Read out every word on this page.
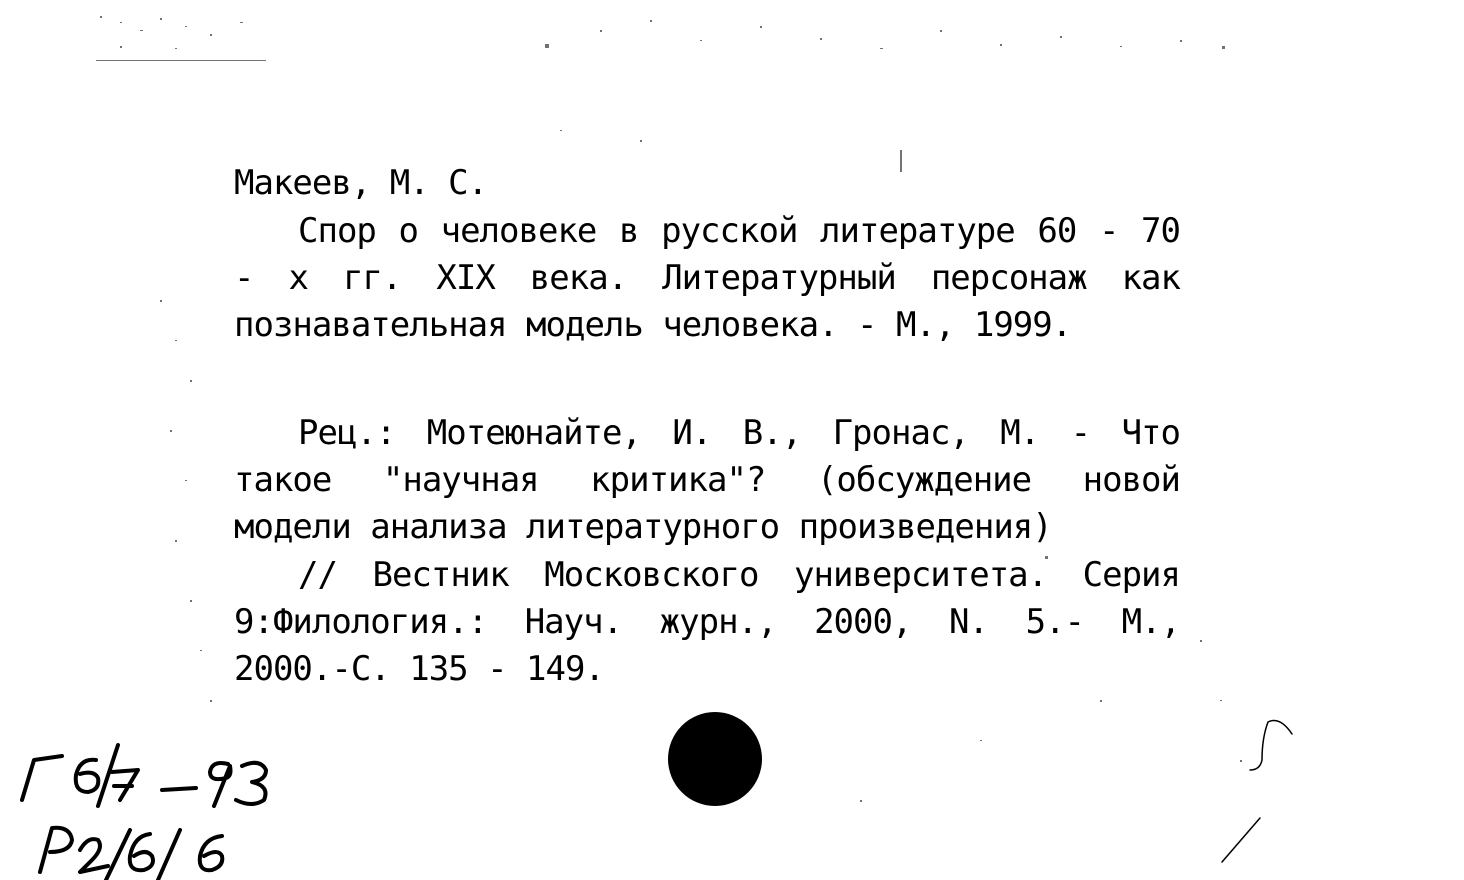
Макеев, М. С.
Спор о человеке в русской литературе 60 - 70 - х гг. XIX века. Литературный персонаж как познавательная модель человека. - М., 1999.
Рец.: Мотеюнайте, И. В., Гронас, М. - Что такое "научная критика"? (обсуждение новой модели анализа литературного произведения)
// Вестник Московского университета. Серия 9:Филология.: Науч. журн., 2000, N. 5.- М., 2000.-С. 135 - 149.
